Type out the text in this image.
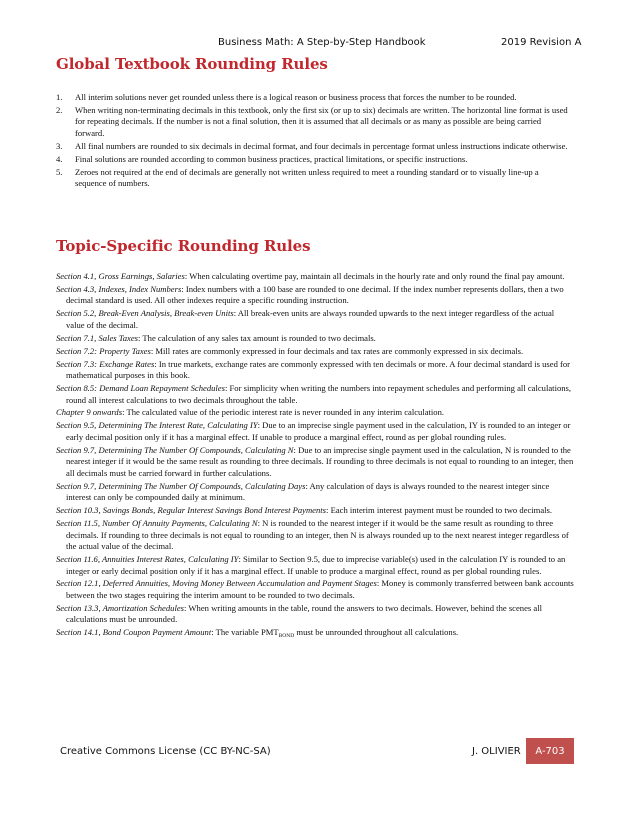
Business Math: A Step-by-Step Handbook	2019 Revision A
Global Textbook Rounding Rules
1. All interim solutions never get rounded unless there is a logical reason or business process that forces the number to be rounded.
2. When writing non-terminating decimals in this textbook, only the first six (or up to six) decimals are written. The horizontal line format is used for repeating decimals. If the number is not a final solution, then it is assumed that all decimals or as many as possible are being carried forward.
3. All final numbers are rounded to six decimals in decimal format, and four decimals in percentage format unless instructions indicate otherwise.
4. Final solutions are rounded according to common business practices, practical limitations, or specific instructions.
5. Zeroes not required at the end of decimals are generally not written unless required to meet a rounding standard or to visually line-up a sequence of numbers.
Topic-Specific Rounding Rules
Section 4.1, Gross Earnings, Salaries: When calculating overtime pay, maintain all decimals in the hourly rate and only round the final pay amount.
Section 4.3, Indexes, Index Numbers: Index numbers with a 100 base are rounded to one decimal. If the index number represents dollars, then a two decimal standard is used. All other indexes require a specific rounding instruction.
Section 5.2, Break-Even Analysis, Break-even Units: All break-even units are always rounded upwards to the next integer regardless of the actual value of the decimal.
Section 7.1, Sales Taxes: The calculation of any sales tax amount is rounded to two decimals.
Section 7.2: Property Taxes: Mill rates are commonly expressed in four decimals and tax rates are commonly expressed in six decimals.
Section 7.3: Exchange Rates: In true markets, exchange rates are commonly expressed with ten decimals or more. A four decimal standard is used for mathematical purposes in this book.
Section 8.5: Demand Loan Repayment Schedules: For simplicity when writing the numbers into repayment schedules and performing all calculations, round all interest calculations to two decimals throughout the table.
Chapter 9 onwards: The calculated value of the periodic interest rate is never rounded in any interim calculation.
Section 9.5, Determining The Interest Rate, Calculating IY: Due to an imprecise single payment used in the calculation, IY is rounded to an integer or early decimal position only if it has a marginal effect. If unable to produce a marginal effect, round as per global rounding rules.
Section 9.7, Determining The Number Of Compounds, Calculating N: Due to an imprecise single payment used in the calculation, N is rounded to the nearest integer if it would be the same result as rounding to three decimals. If rounding to three decimals is not equal to rounding to an integer, then all decimals must be carried forward in further calculations.
Section 9.7, Determining The Number Of Compounds, Calculating Days: Any calculation of days is always rounded to the nearest integer since interest can only be compounded daily at minimum.
Section 10.3, Savings Bonds, Regular Interest Savings Bond Interest Payments: Each interim interest payment must be rounded to two decimals.
Section 11.5, Number Of Annuity Payments, Calculating N: N is rounded to the nearest integer if it would be the same result as rounding to three decimals. If rounding to three decimals is not equal to rounding to an integer, then N is always rounded up to the next nearest integer regardless of the actual value of the decimal.
Section 11.6, Annuities Interest Rates, Calculating IY: Similar to Section 9.5, due to imprecise variable(s) used in the calculation IY is rounded to an integer or early decimal position only if it has a marginal effect. If unable to produce a marginal effect, round as per global rounding rules.
Section 12.1, Deferred Annuities, Moving Money Between Accumulation and Payment Stages: Money is commonly transferred between bank accounts between the two stages requiring the interim amount to be rounded to two decimals.
Section 13.3, Amortization Schedules: When writing amounts in the table, round the answers to two decimals. However, behind the scenes all calculations must be unrounded.
Section 14.1, Bond Coupon Payment Amount: The variable $PMT_{BOND}$ must be unrounded throughout all calculations.
Creative Commons License (CC BY-NC-SA)	J. OLIVIER	A-703
